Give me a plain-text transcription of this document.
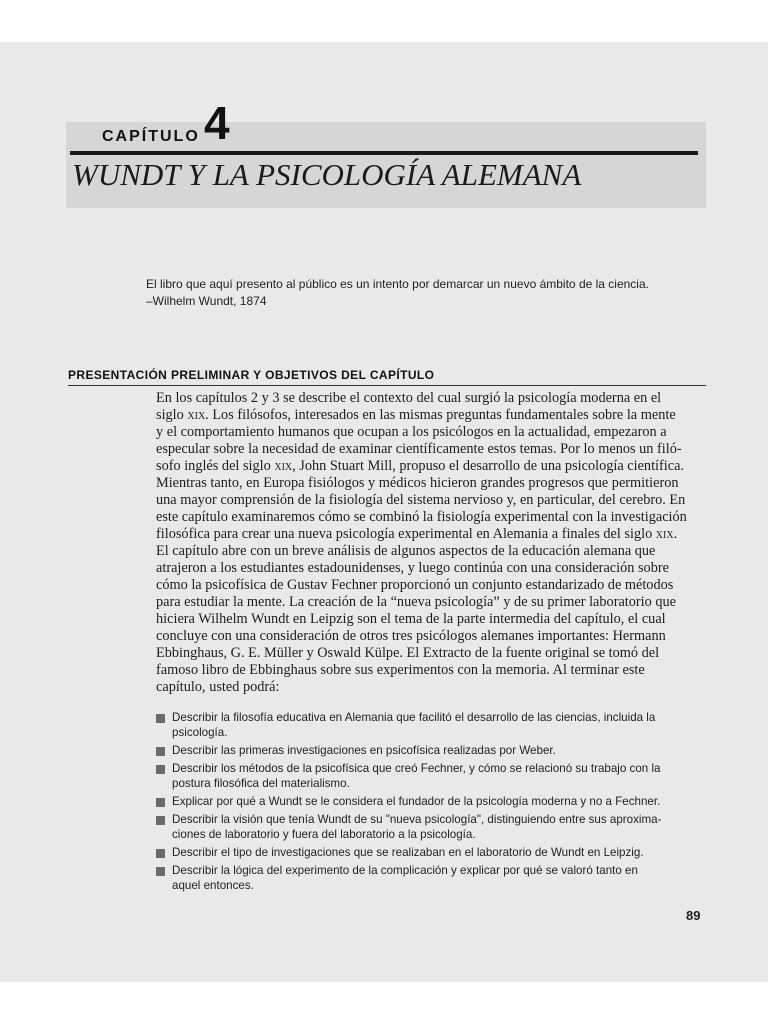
CAPÍTULO 4
WUNDT Y LA PSICOLOGÍA ALEMANA
El libro que aquí presento al público es un intento por demarcar un nuevo ámbito de la ciencia.
–Wilhelm Wundt, 1874
PRESENTACIÓN PRELIMINAR Y OBJETIVOS DEL CAPÍTULO
En los capítulos 2 y 3 se describe el contexto del cual surgió la psicología moderna en el
siglo xix. Los filósofos, interesados en las mismas preguntas fundamentales sobre la mente
y el comportamiento humanos que ocupan a los psicólogos en la actualidad, empezaron a
especular sobre la necesidad de examinar científicamente estos temas. Por lo menos un filó-
sofo inglés del siglo xix, John Stuart Mill, propuso el desarrollo de una psicología científica.
Mientras tanto, en Europa fisiólogos y médicos hicieron grandes progresos que permitieron
una mayor comprensión de la fisiología del sistema nervioso y, en particular, del cerebro. En
este capítulo examinaremos cómo se combinó la fisiología experimental con la investigación
filosófica para crear una nueva psicología experimental en Alemania a finales del siglo xix.
El capítulo abre con un breve análisis de algunos aspectos de la educación alemana que
atrajeron a los estudiantes estadounidenses, y luego continúa con una consideración sobre
cómo la psicofísica de Gustav Fechner proporcionó un conjunto estandarizado de métodos
para estudiar la mente. La creación de la “nueva psicología” y de su primer laboratorio que
hiciera Wilhelm Wundt en Leipzig son el tema de la parte intermedia del capítulo, el cual
concluye con una consideración de otros tres psicólogos alemanes importantes: Hermann
Ebbinghaus, G. E. Müller y Oswald Külpe. El Extracto de la fuente original se tomó del
famoso libro de Ebbinghaus sobre sus experimentos con la memoria. Al terminar este
capítulo, usted podrá:
Describir la filosofía educativa en Alemania que facilitó el desarrollo de las ciencias, incluida la
psicología.
Describir las primeras investigaciones en psicofísica realizadas por Weber.
Describir los métodos de la psicofísica que creó Fechner, y cómo se relacionó su trabajo con la
postura filosófica del materialismo.
Explicar por qué a Wundt se le considera el fundador de la psicología moderna y no a Fechner.
Describir la visión que tenía Wundt de su "nueva psicología", distinguiendo entre sus aproxima-
ciones de laboratorio y fuera del laboratorio a la psicología.
Describir el tipo de investigaciones que se realizaban en el laboratorio de Wundt en Leipzig.
Describir la lógica del experimento de la complicación y explicar por qué se valoró tanto en
aquel entonces.
89
